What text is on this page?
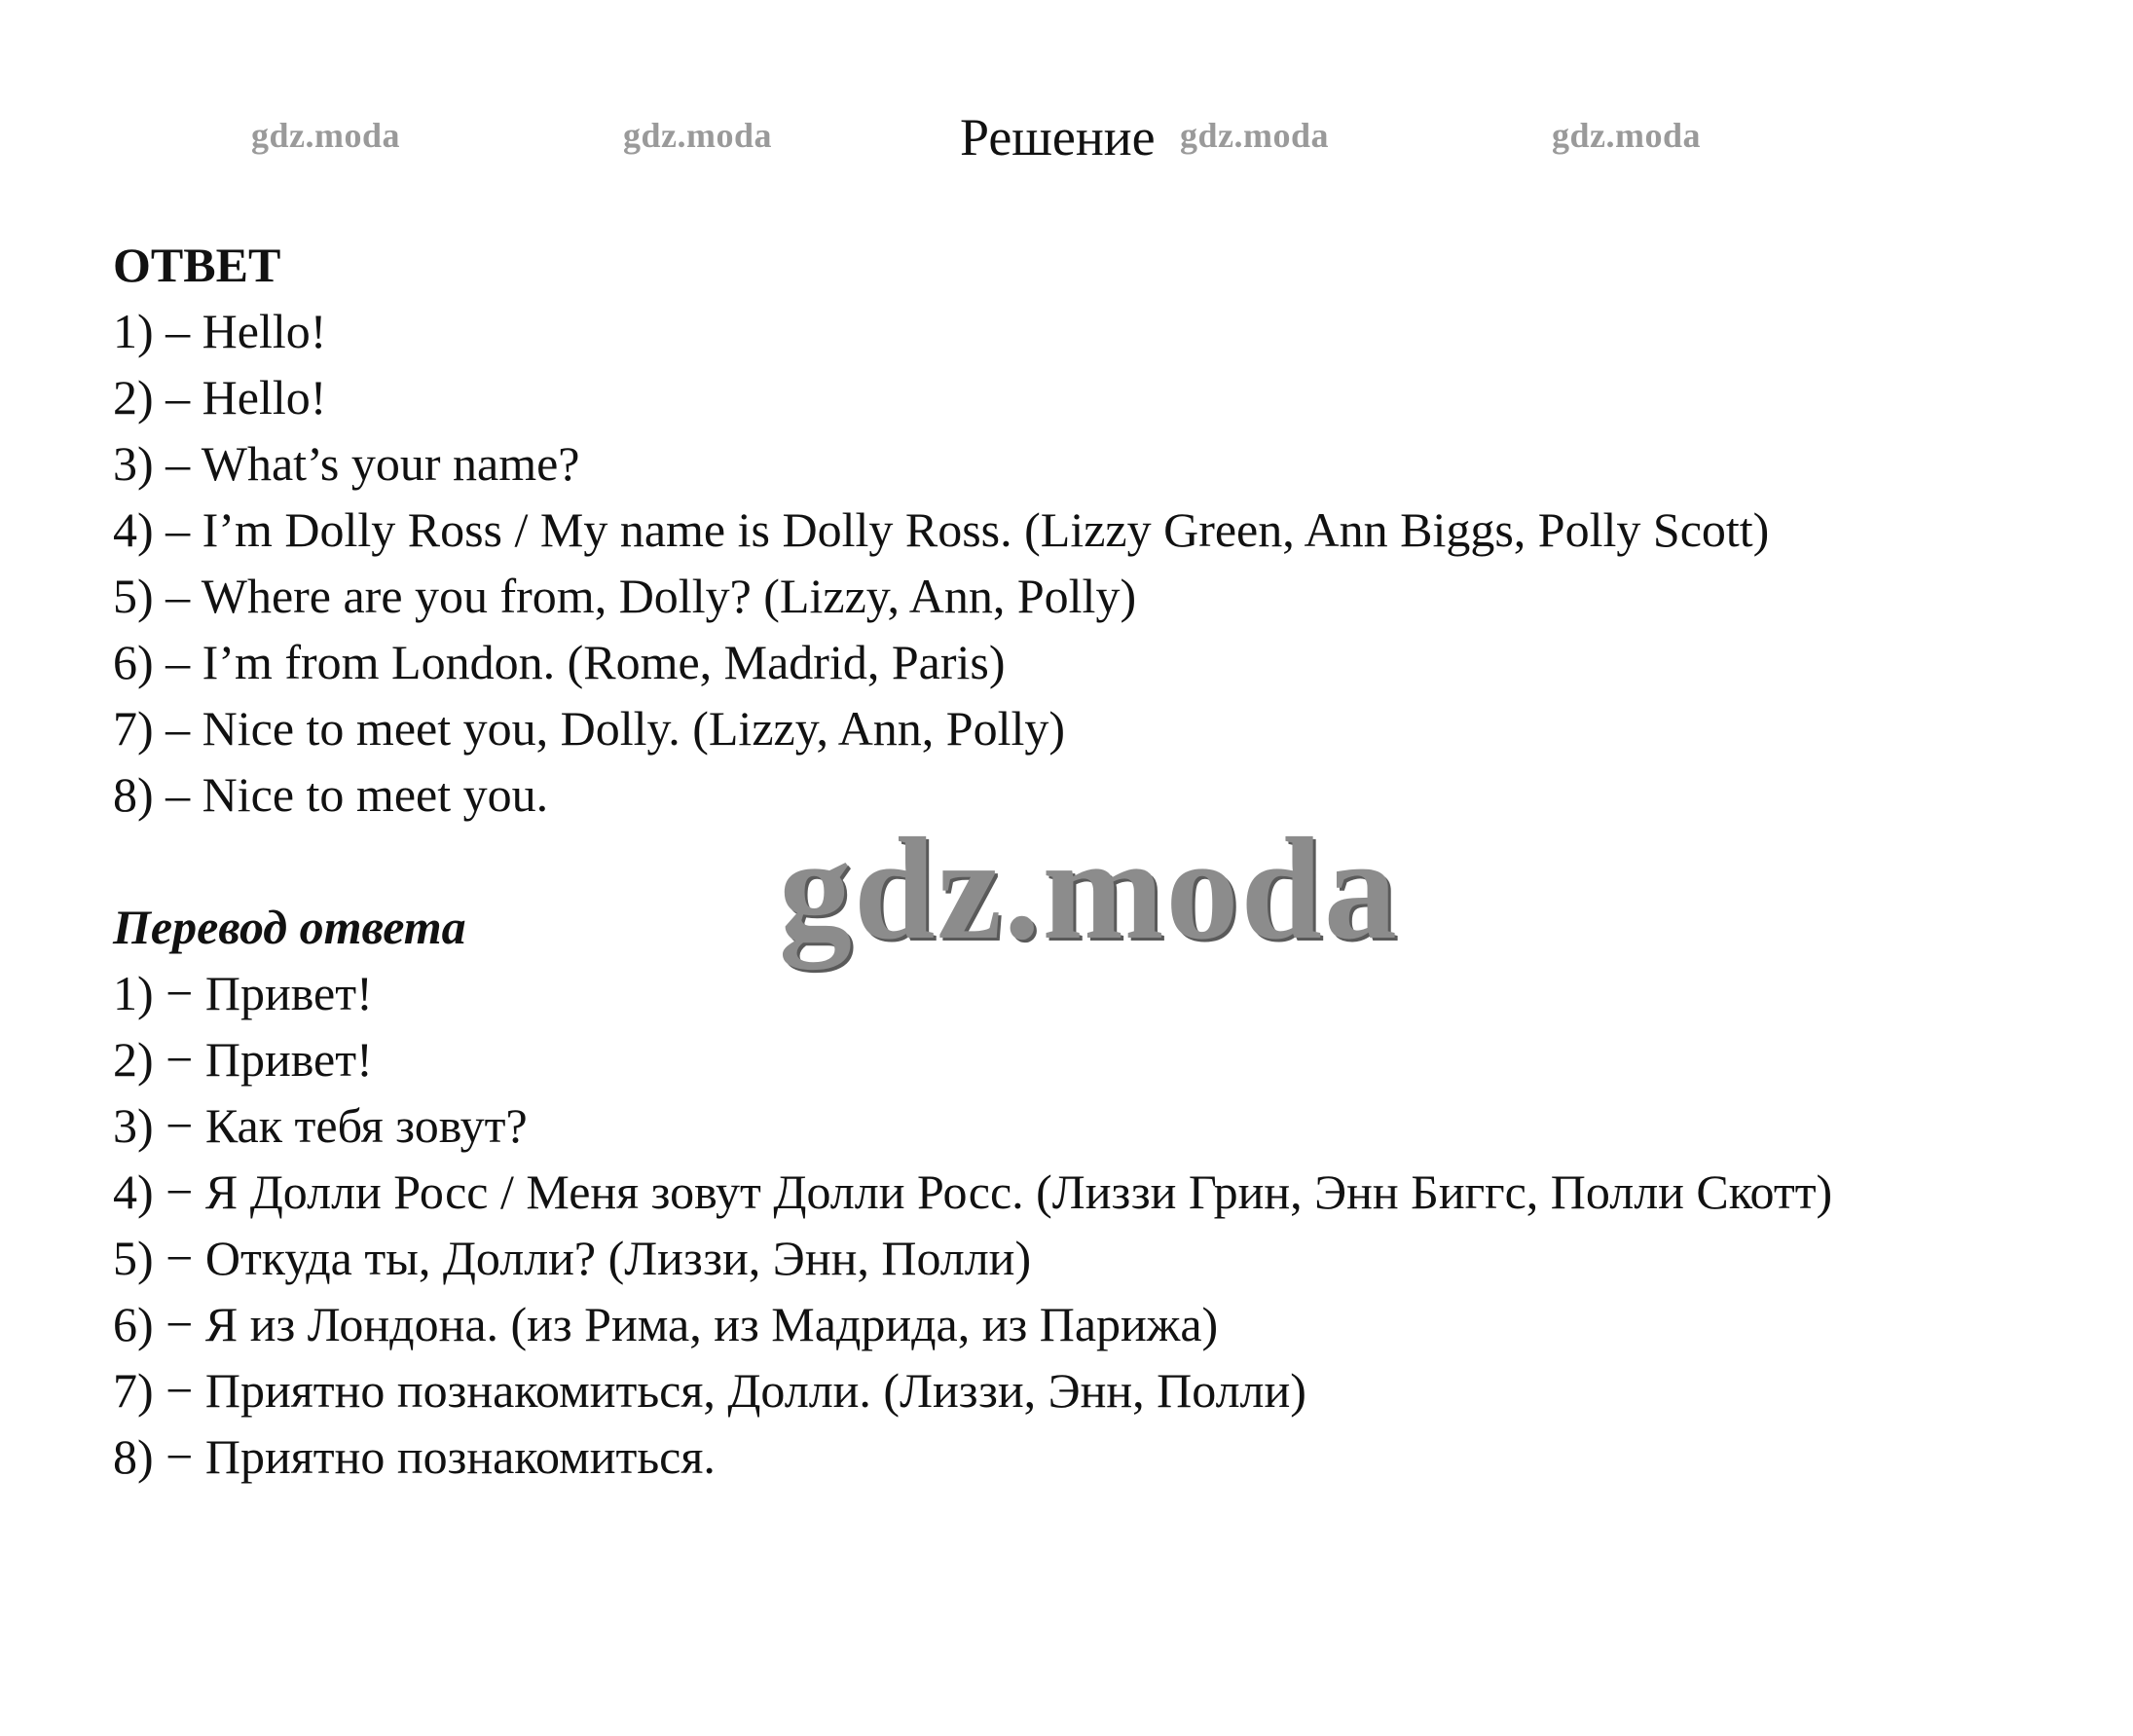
gdz.moda	gdz.moda	Решение gdz.moda	gdz.moda

ОТВЕТ

1) – Hello!

2) – Hello!

3) – What’s your name?

4) – I’m Dolly Ross / My name is Dolly Ross. (Lizzy Green, Ann Biggs, Polly Scott)

5) – Where are you from, Dolly? (Lizzy, Ann, Polly)

6) – I’m from London. (Rome, Madrid, Paris)

7) – Nice to meet you, Dolly. (Lizzy, Ann, Polly)

8) – Nice to meet you.

Перевод ответа

1) − Привет!

2) − Привет!

3) − Как тебя зовут?

4) − Я Долли Росс / Меня зовут Долли Росс. (Лиззи Грин, Энн Биггс, Полли Скотт)

5) − Откуда ты, Долли? (Лиззи, Энн, Полли)

6) − Я из Лондона. (из Рима, из Мадрида, из Парижа)

7) − Приятно познакомиться, Долли. (Лиззи, Энн, Полли)

8) − Приятно познакомиться.

gdz.moda
